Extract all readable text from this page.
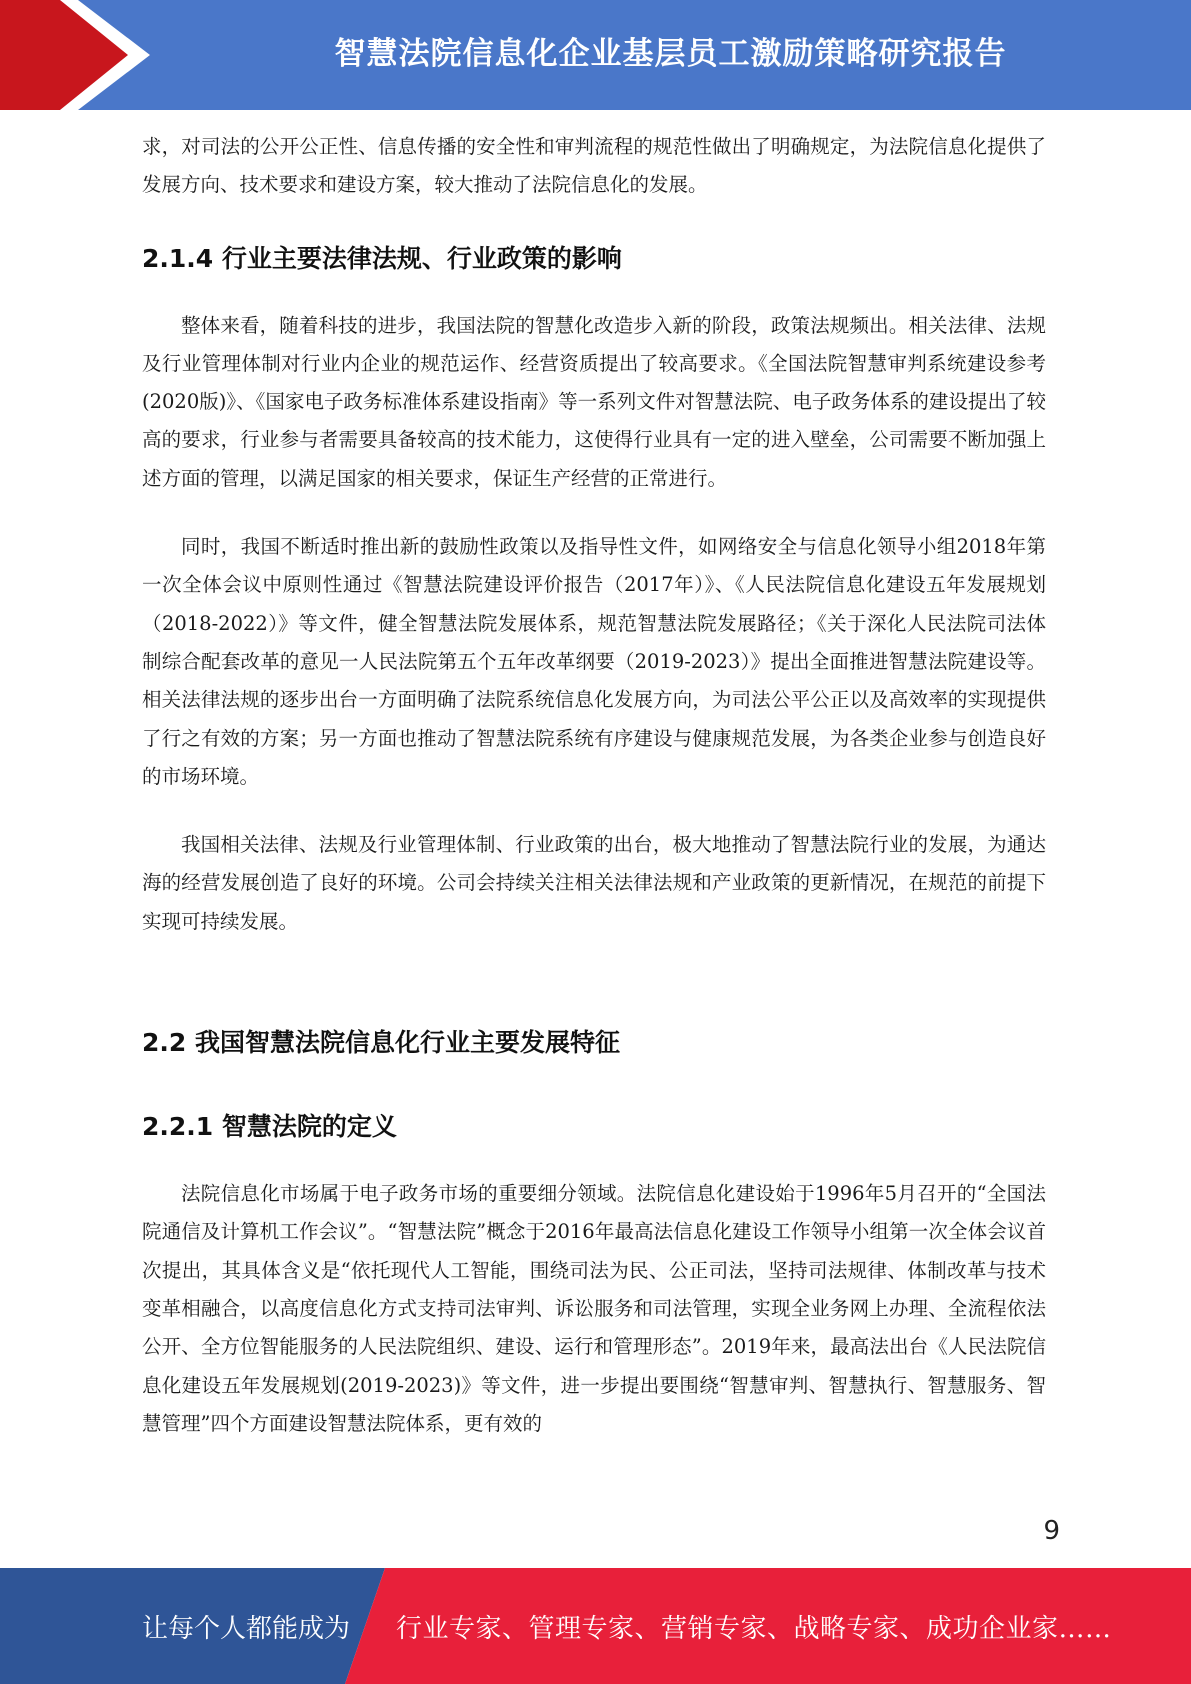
智慧法院信息化企业基层员工激励策略研究报告

求，对司法的公开公正性、信息传播的安全性和审判流程的规范性做出了明确规定，为法院信息化提供了发展方向、技术要求和建设方案，较大推动了法院信息化的发展。

2.1.4 行业主要法律法规、行业政策的影响

整体来看，随着科技的进步，我国法院的智慧化改造步入新的阶段，政策法规频出。相关法律、法规及行业管理体制对行业内企业的规范运作、经营资质提出了较高要求。《全国法院智慧审判系统建设参考(2020版)》、《国家电子政务标准体系建设指南》等一系列文件对智慧法院、电子政务体系的建设提出了较高的要求，行业参与者需要具备较高的技术能力，这使得行业具有一定的进入壁垒，公司需要不断加强上述方面的管理，以满足国家的相关要求，保证生产经营的正常进行。

同时，我国不断适时推出新的鼓励性政策以及指导性文件，如网络安全与信息化领导小组2018年第一次全体会议中原则性通过《智慧法院建设评价报告（2017年）》、《人民法院信息化建设五年发展规划（2018-2022）》等文件，健全智慧法院发展体系，规范智慧法院发展路径；《关于深化人民法院司法体制综合配套改革的意见一人民法院第五个五年改革纲要（2019-2023）》提出全面推进智慧法院建设等。相关法律法规的逐步出台一方面明确了法院系统信息化发展方向，为司法公平公正以及高效率的实现提供了行之有效的方案；另一方面也推动了智慧法院系统有序建设与健康规范发展，为各类企业参与创造良好的市场环境。

我国相关法律、法规及行业管理体制、行业政策的出台，极大地推动了智慧法院行业的发展，为通达海的经营发展创造了良好的环境。公司会持续关注相关法律法规和产业政策的更新情况，在规范的前提下实现可持续发展。

2.2 我国智慧法院信息化行业主要发展特征
2.2.1 智慧法院的定义

法院信息化市场属于电子政务市场的重要细分领域。法院信息化建设始于1996年5月召开的“全国法院通信及计算机工作会议”。“智慧法院”概念于2016年最高法信息化建设工作领导小组第一次全体会议首次提出，其具体含义是“依托现代人工智能，围绕司法为民、公正司法，坚持司法规律、体制改革与技术变革相融合，以高度信息化方式支持司法审判、诉讼服务和司法管理，实现全业务网上办理、全流程依法公开、全方位智能服务的人民法院组织、建设、运行和管理形态”。2019年来，最高法出台《人民法院信息化建设五年发展规划(2019-2023)》等文件，进一步提出要围绕“智慧审判、智慧执行、智慧服务、智慧管理”四个方面建设智慧法院体系，更有效的

9
让每个人都能成为 行业专家、管理专家、营销专家、战略专家、成功企业家……
